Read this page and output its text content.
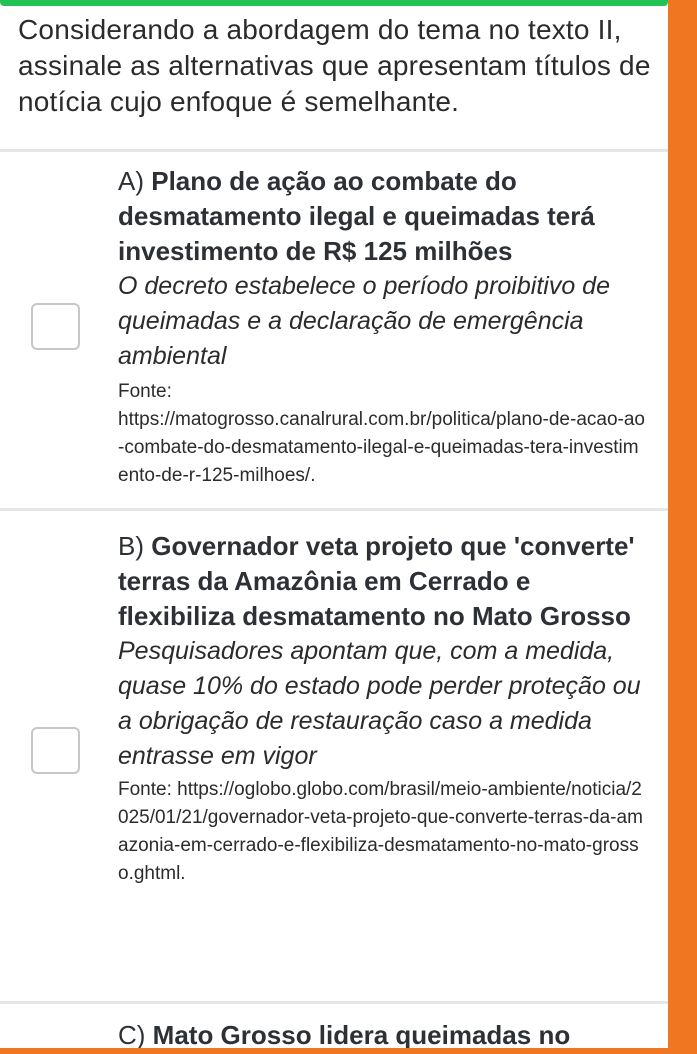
Considerando a abordagem do tema no texto II, assinale as alternativas que apresentam títulos de notícia cujo enfoque é semelhante.
A) Plano de ação ao combate do desmatamento ilegal e queimadas terá investimento de R$ 125 milhões
O decreto estabelece o período proibitivo de queimadas e a declaração de emergência ambiental
Fonte:
https://matogrosso.canalrural.com.br/politica/plano-de-acao-ao-combate-do-desmatamento-ilegal-e-queimadas-tera-investimento-de-r-125-milhoes/.
B) Governador veta projeto que 'converte' terras da Amazônia em Cerrado e flexibiliza desmatamento no Mato Grosso
Pesquisadores apontam que, com a medida, quase 10% do estado pode perder proteção ou a obrigação de restauração caso a medida entrasse em vigor
Fonte: https://oglobo.globo.com/brasil/meio-ambiente/noticia/2025/01/21/governador-veta-projeto-que-converte-terras-da-amazonia-em-cerrado-e-flexibiliza-desmatamento-no-mato-grosso.ghtml.
C) Mato Grosso lidera queimadas no
